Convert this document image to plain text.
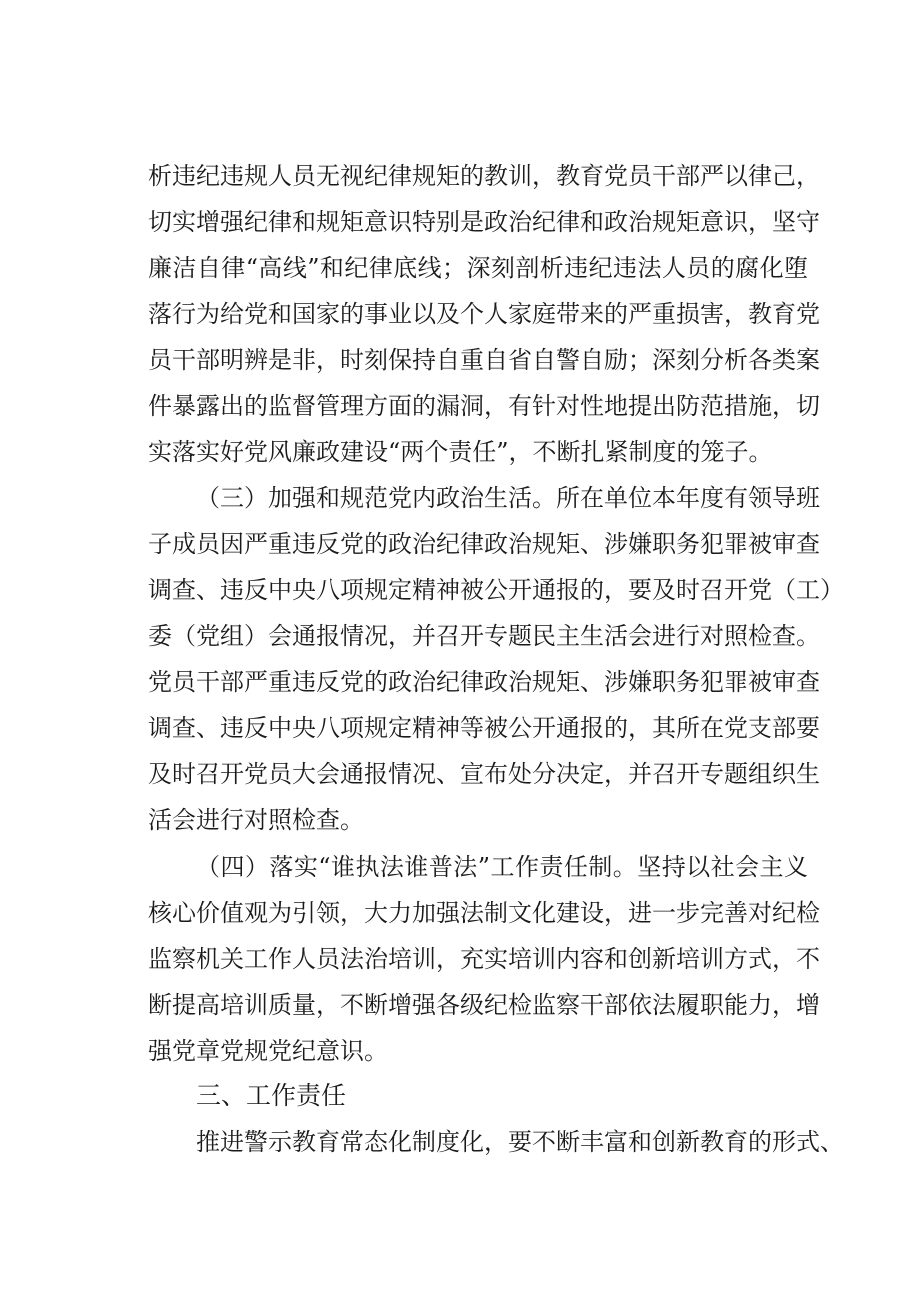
析违纪违规人员无视纪律规矩的教训，教育党员干部严以律己，
切实增强纪律和规矩意识特别是政治纪律和政治规矩意识，坚守
廉洁自律“高线”和纪律底线；深刻剖析违纪违法人员的腐化堕
落行为给党和国家的事业以及个人家庭带来的严重损害，教育党
员干部明辨是非，时刻保持自重自省自警自励；深刻分析各类案
件暴露出的监督管理方面的漏洞，有针对性地提出防范措施，切
实落实好党风廉政建设“两个责任”，不断扎紧制度的笼子。
（三）加强和规范党内政治生活。所在单位本年度有领导班
子成员因严重违反党的政治纪律政治规矩、涉嫌职务犯罪被审查
调查、违反中央八项规定精神被公开通报的，要及时召开党（工）
委（党组）会通报情况，并召开专题民主生活会进行对照检查。
党员干部严重违反党的政治纪律政治规矩、涉嫌职务犯罪被审查
调查、违反中央八项规定精神等被公开通报的，其所在党支部要
及时召开党员大会通报情况、宣布处分决定，并召开专题组织生
活会进行对照检查。
（四）落实“谁执法谁普法”工作责任制。坚持以社会主义
核心价值观为引领，大力加强法制文化建设，进一步完善对纪检
监察机关工作人员法治培训，充实培训内容和创新培训方式，不
断提高培训质量，不断增强各级纪检监察干部依法履职能力，增
强党章党规党纪意识。
三、工作责任
推进警示教育常态化制度化，要不断丰富和创新教育的形式、
